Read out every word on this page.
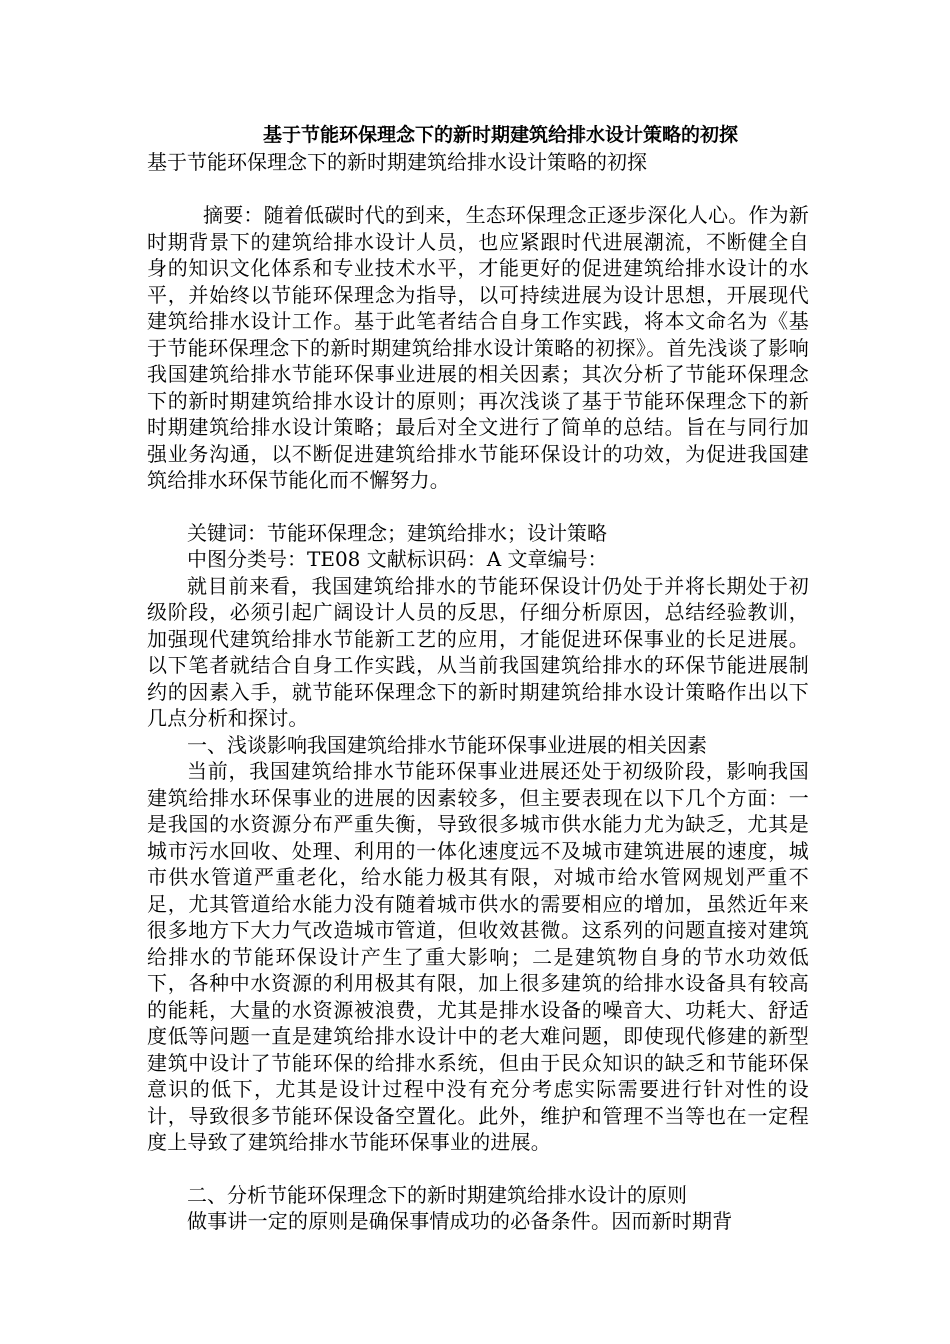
基于节能环保理念下的新时期建筑给排水设计策略的初探

基于节能环保理念下的新时期建筑给排水设计策略的初探

摘要：随着低碳时代的到来，生态环保理念正逐步深化人心。作为新时期背景下的建筑给排水设计人员，也应紧跟时代进展潮流，不断健全自身的知识文化体系和专业技术水平，才能更好的促进建筑给排水设计的水平，并始终以节能环保理念为指导，以可持续进展为设计思想，开展现代建筑给排水设计工作。基于此笔者结合自身工作实践，将本文命名为《基于节能环保理念下的新时期建筑给排水设计策略的初探》。首先浅谈了影响我国建筑给排水节能环保事业进展的相关因素；其次分析了节能环保理念下的新时期建筑给排水设计的原则；再次浅谈了基于节能环保理念下的新时期建筑给排水设计策略；最后对全文进行了简单的总结。旨在与同行加强业务沟通，以不断促进建筑给排水节能环保设计的功效，为促进我国建筑给排水环保节能化而不懈努力。

关键词：节能环保理念；建筑给排水；设计策略

中图分类号：TE08 文献标识码：A 文章编号：

就目前来看，我国建筑给排水的节能环保设计仍处于并将长期处于初级阶段，必须引起广阔设计人员的反思，仔细分析原因，总结经验教训，加强现代建筑给排水节能新工艺的应用，才能促进环保事业的长足进展。以下笔者就结合自身工作实践，从当前我国建筑给排水的环保节能进展制约的因素入手，就节能环保理念下的新时期建筑给排水设计策略作出以下几点分析和探讨。

一、浅谈影响我国建筑给排水节能环保事业进展的相关因素

当前，我国建筑给排水节能环保事业进展还处于初级阶段，影响我国建筑给排水环保事业的进展的因素较多，但主要表现在以下几个方面：一是我国的水资源分布严重失衡，导致很多城市供水能力尤为缺乏，尤其是城市污水回收、处理、利用的一体化速度远不及城市建筑进展的速度，城市供水管道严重老化，给水能力极其有限，对城市给水管网规划严重不足，尤其管道给水能力没有随着城市供水的需要相应的增加，虽然近年来很多地方下大力气改造城市管道，但收效甚微。这系列的问题直接对建筑给排水的节能环保设计产生了重大影响；二是建筑物自身的节水功效低下，各种中水资源的利用极其有限，加上很多建筑的给排水设备具有较高的能耗，大量的水资源被浪费，尤其是排水设备的噪音大、功耗大、舒适度低等问题一直是建筑给排水设计中的老大难问题，即使现代修建的新型建筑中设计了节能环保的给排水系统，但由于民众知识的缺乏和节能环保意识的低下，尤其是设计过程中没有充分考虑实际需要进行针对性的设计，导致很多节能环保设备空置化。此外，维护和管理不当等也在一定程度上导致了建筑给排水节能环保事业的进展。

二、分析节能环保理念下的新时期建筑给排水设计的原则

做事讲一定的原则是确保事情成功的必备条件。因而新时期背
